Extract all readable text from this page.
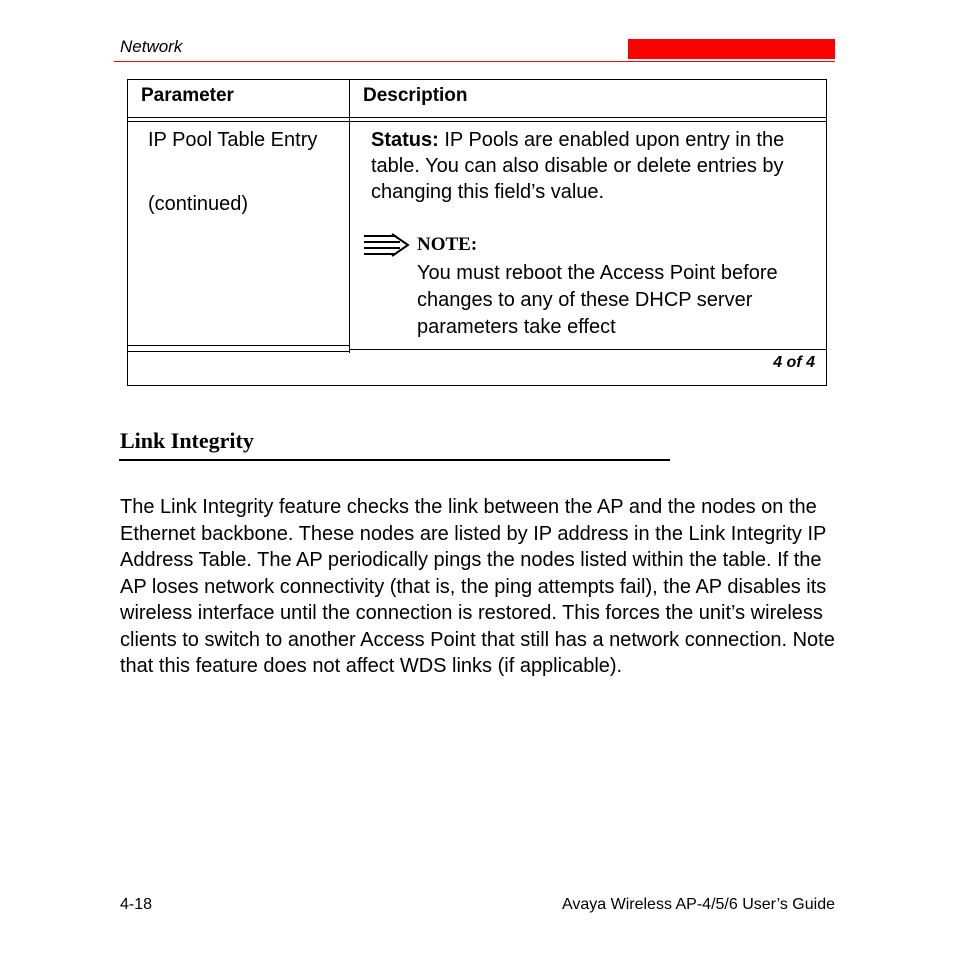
Network
Parameter	Description
IP Pool Table Entry
(continued)
Status: IP Pools are enabled upon entry in the table. You can also disable or delete entries by changing this field’s value.
NOTE:
You must reboot the Access Point before changes to any of these DHCP server parameters take effect
4 of 4
Link Integrity
The Link Integrity feature checks the link between the AP and the nodes on the Ethernet backbone. These nodes are listed by IP address in the Link Integrity IP Address Table. The AP periodically pings the nodes listed within the table. If the AP loses network connectivity (that is, the ping attempts fail), the AP disables its wireless interface until the connection is restored. This forces the unit’s wireless clients to switch to another Access Point that still has a network connection. Note that this feature does not affect WDS links (if applicable).
4-18	Avaya Wireless AP-4/5/6 User’s Guide
